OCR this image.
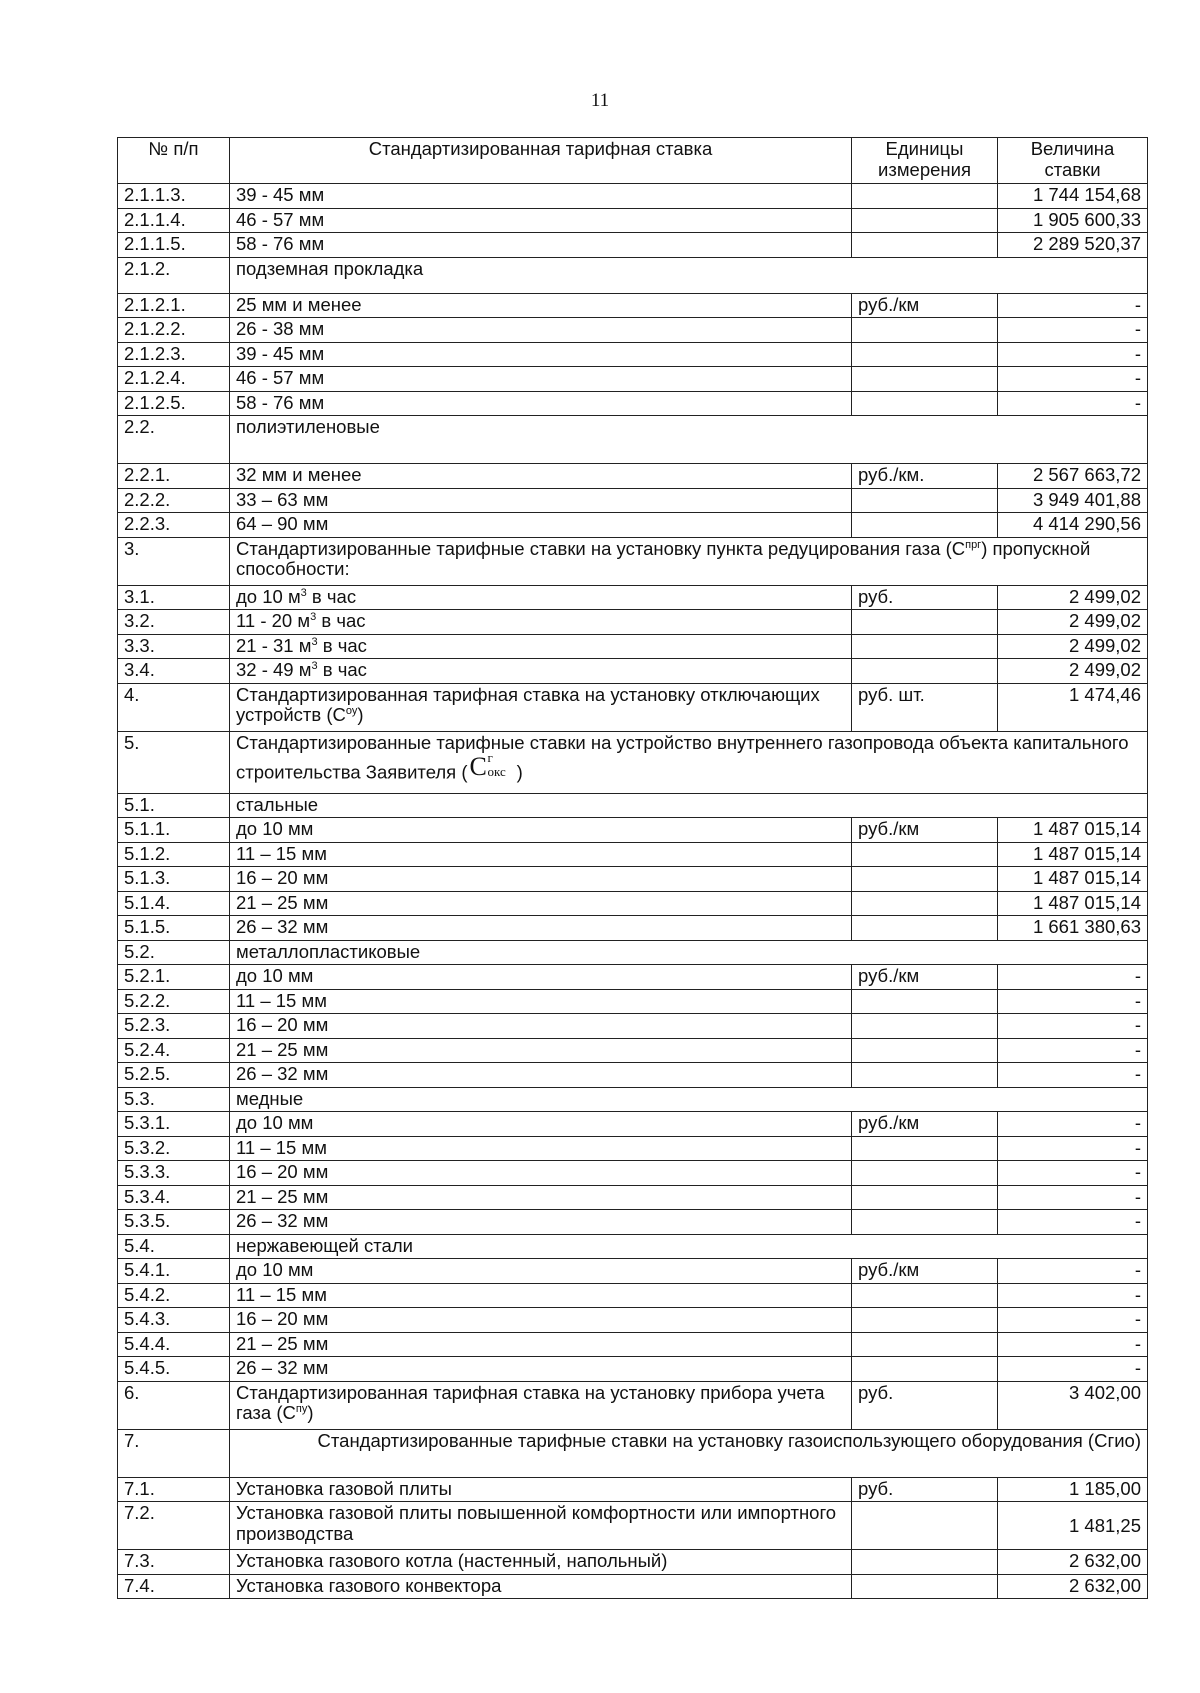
11
№ п/п	Стандартизированная тарифная ставка	Единицы измерения	Величина ставки
2.1.1.3.	39 - 45 мм		1 744 154,68
2.1.1.4.	46 - 57 мм		1 905 600,33
2.1.1.5.	58 - 76 мм		2 289 520,37
2.1.2.	подземная прокладка		
2.1.2.1.	25 мм и менее	руб./км	-
2.1.2.2.	26 - 38 мм		-
2.1.2.3.	39 - 45 мм		-
2.1.2.4.	46 - 57 мм		-
2.1.2.5.	58 - 76 мм		-
2.2.	полиэтиленовые		
2.2.1.	32 мм и менее	руб./км.	2 567 663,72
2.2.2.	33 – 63 мм		3 949 401,88
2.2.3.	64 – 90 мм		4 414 290,56
3.	Стандартизированные тарифные ставки на установку пункта редуцирования газа $(C^{прг})$ пропускной способности:		
3.1.	до 10 $м^3$ в час	руб.	2 499,02
3.2.	11 - 20 $м^3$ в час		2 499,02
3.3.	21 - 31 $м^3$ в час		2 499,02
3.4.	32 - 49 $м^3$ в час		2 499,02
4.	Стандартизированная тарифная ставка на установку отключающих устройств $(C^{оу})$	руб. шт.	1 474,46
5.	Стандартизированные тарифные ставки на устройство внутреннего газопровода объекта капитального строительства Заявителя ( C г
окс )		
5.1.	стальные		
5.1.1.	до 10 мм	руб./км	1 487 015,14
5.1.2.	11 – 15 мм		1 487 015,14
5.1.3.	16 – 20 мм		1 487 015,14
5.1.4.	21 – 25 мм		1 487 015,14
5.1.5.	26 – 32 мм		1 661 380,63
5.2.	металлопластиковые		
5.2.1.	до 10 мм	руб./км	-
5.2.2.	11 – 15 мм		-
5.2.3.	16 – 20 мм		-
5.2.4.	21 – 25 мм		-
5.2.5.	26 – 32 мм		-
5.3.	медные		
5.3.1.	до 10 мм	руб./км	-
5.3.2.	11 – 15 мм		-
5.3.3.	16 – 20 мм		-
5.3.4.	21 – 25 мм		-
5.3.5.	26 – 32 мм		-
5.4.	нержавеющей стали		
5.4.1.	до 10 мм	руб./км	-
5.4.2.	11 – 15 мм		-
5.4.3.	16 – 20 мм		-
5.4.4.	21 – 25 мм		-
5.4.5.	26 – 32 мм		-
6.	Стандартизированная тарифная ставка на установку прибора учета газа $(C^{пу})$	руб.	3 402,00
7.	Стандартизированные тарифные ставки на установку газоиспользующего оборудования (Cгио)		
7.1.	Установка газовой плиты	руб.	1 185,00
7.2.	Установка газовой плиты повышенной комфортности или импортного производства		1 481,25
7.3.	Установка газового котла (настенный, напольный)		2 632,00
7.4.	Установка газового конвектора		2 632,00
